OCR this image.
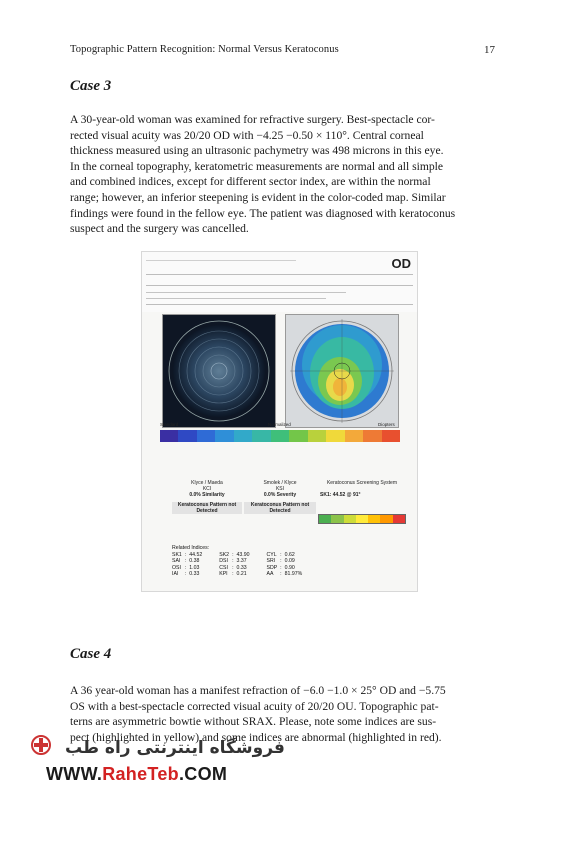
Topographic Pattern Recognition: Normal Versus Keratoconus	17
Case 3
A 30-year-old woman was examined for refractive surgery. Best-spectacle cor-
rected visual acuity was 20/20 OD with −4.25 −0.50 × 110°. Central corneal
thickness measured using an ultrasonic pachymetry was 498 microns in this eye.
In the corneal topography, keratometric measurements are normal and all simple
and combined indices, except for different sector index, are within the normal
range; however, an inferior steepening is evident in the color-coded map. Similar
findings were found in the fellow eye. The patient was diagnosed with keratoconus
suspect and the surgery was cancelled.
OD
Standard	Normalized	Diopters
Klyce / Maeda
KCI
0.0% Similarity
Keratoconus Pattern not Detected
Smolek / Klyce
KSI
0.0% Severity
Keratoconus Pattern not Detected
Keratoconus Screening System
SK1: 44.52 @ 91°
Related Indices:
SK1	:	44.52	SK2	:	43.90	CYL	:	0.62
SAI	:	0.38	DSI	:	3.37	SRI	:	0.09
OSI	:	1.03	CSI	:	0.33	SDP	:	0.90
IAI	:	0.33	KPI	:	0.21	AA	:	81.97%
Case 4
A 36 year-old woman has a manifest refraction of −6.0 −1.0 × 25° OD and −5.75
OS with a best-spectacle corrected visual acuity of 20/20 OU. Topographic pat-
terns are asymmetric bowtie without SRAX. Please, note some indices are sus-
pect (highlighted in yellow) and some indices are abnormal (highlighted in red).
فروشگاه اینترنتی راه طب
WWW.RaheTeb.COM
